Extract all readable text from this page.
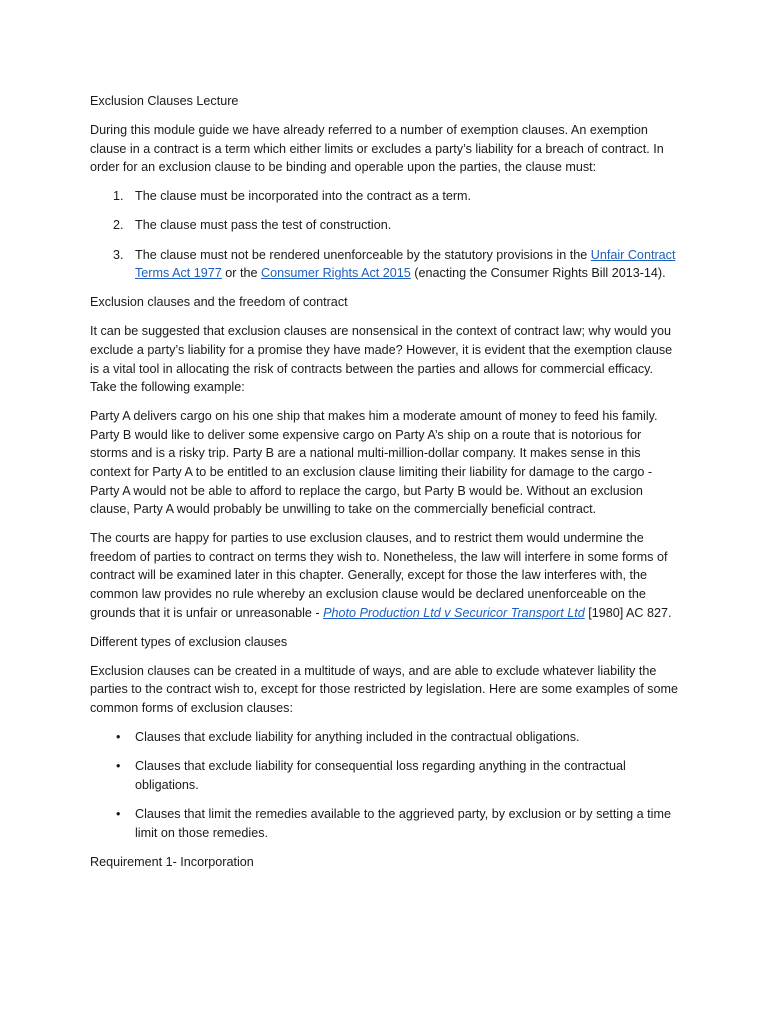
Exclusion Clauses Lecture

During this module guide we have already referred to a number of exemption clauses. An exemption clause in a contract is a term which either limits or excludes a party’s liability for a breach of contract. In order for an exclusion clause to be binding and operable upon the parties, the clause must:

1. The clause must be incorporated into the contract as a term.
2. The clause must pass the test of construction.
3. The clause must not be rendered unenforceable by the statutory provisions in the Unfair Contract Terms Act 1977 or the Consumer Rights Act 2015 (enacting the Consumer Rights Bill 2013-14).

Exclusion clauses and the freedom of contract

It can be suggested that exclusion clauses are nonsensical in the context of contract law; why would you exclude a party’s liability for a promise they have made? However, it is evident that the exemption clause is a vital tool in allocating the risk of contracts between the parties and allows for commercial efficacy. Take the following example:

Party A delivers cargo on his one ship that makes him a moderate amount of money to feed his family. Party B would like to deliver some expensive cargo on Party A’s ship on a route that is notorious for storms and is a risky trip. Party B are a national multi-million-dollar company. It makes sense in this context for Party A to be entitled to an exclusion clause limiting their liability for damage to the cargo - Party A would not be able to afford to replace the cargo, but Party B would be. Without an exclusion clause, Party A would probably be unwilling to take on the commercially beneficial contract.

The courts are happy for parties to use exclusion clauses, and to restrict them would undermine the freedom of parties to contract on terms they wish to. Nonetheless, the law will interfere in some forms of contract will be examined later in this chapter. Generally, except for those the law interferes with, the common law provides no rule whereby an exclusion clause would be declared unenforceable on the grounds that it is unfair or unreasonable - Photo Production Ltd v Securicor Transport Ltd [1980] AC 827.

Different types of exclusion clauses

Exclusion clauses can be created in a multitude of ways, and are able to exclude whatever liability the parties to the contract wish to, except for those restricted by legislation. Here are some examples of some common forms of exclusion clauses:

• Clauses that exclude liability for anything included in the contractual obligations.
• Clauses that exclude liability for consequential loss regarding anything in the contractual obligations.
• Clauses that limit the remedies available to the aggrieved party, by exclusion or by setting a time limit on those remedies.

Requirement 1- Incorporation
